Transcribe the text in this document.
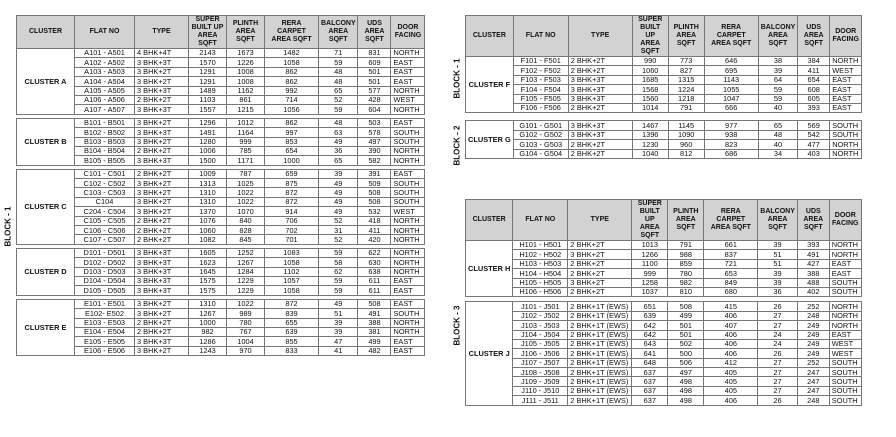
CLUSTER	FLAT NO	TYPE	SUPER BUILT UP AREA SQFT	PLINTH AREA SQFT	RERA CARPET AREA SQFT	BALCONY AREA SQFT	UDS AREA SQFT	DOOR FACING
CLUSTER A	A101 - A501	4 BHK+4T	2143	1673	1482	71	831	NORTH
	A102 - A502	3 BHK+3T	1570	1226	1058	59	609	EAST
	A103 - A503	3 BHK+2T	1291	1008	862	48	501	EAST
	A104 - A504	3 BHK+2T	1291	1008	862	48	501	EAST
	A105 - A505	3 BHK+3T	1489	1162	992	65	577	NORTH
	A106 - A506	2 BHK+2T	1103	861	714	52	428	WEST
	A107 - A507	3 BHK+3T	1557	1215	1056	59	604	NORTH

CLUSTER B	B101 - B501	3 BHK+2T	1296	1012	862	48	503	EAST
	B102 - B502	3 BHK+3T	1491	1164	997	63	578	SOUTH
	B103 - B503	3 BHK+2T	1280	999	853	49	497	SOUTH
	B104 - B504	2 BHK+2T	1006	785	654	36	390	NORTH
	B105 - B505	3 BHK+3T	1500	1171	1000	65	582	NORTH

CLUSTER C	C101 - C501	2 BHK+2T	1009	787	659	39	391	EAST
	C102 - C502	3 BHK+2T	1313	1025	875	49	509	SOUTH
	C103 - C503	3 BHK+2T	1310	1022	872	49	508	SOUTH
	C104	3 BHK+2T	1310	1022	872	49	508	SOUTH
	C204 - C504	3 BHK+2T	1370	1070	914	49	532	WEST
	C105 - C505	2 BHK+2T	1076	840	706	52	418	NORTH
	C106 - C506	2 BHK+2T	1060	828	702	31	411	NORTH
	C107 - C507	2 BHK+2T	1082	845	701	52	420	NORTH

CLUSTER D	D101 - D501	3 BHK+3T	1605	1252	1083	59	622	NORTH
	D102 - D502	3 BHK+3T	1623	1267	1058	58	630	NORTH
	D103 - D503	3 BHK+3T	1645	1284	1102	62	638	NORTH
	D104 - D504	3 BHK+3T	1575	1229	1057	59	611	EAST
	D105 - D505	3 BHK+3T	1575	1229	1058	59	611	EAST

CLUSTER E	E101 - E501	3 BHK+2T	1310	1022	872	49	508	EAST
	E102- E502	3 BHK+2T	1267	989	839	51	491	SOUTH
	E103 - E503	2 BHK+2T	1000	780	655	39	388	NORTH
	E104 - E504	2 BHK+2T	982	767	639	39	381	NORTH
	E105 - E505	3 BHK+3T	1286	1004	855	47	499	EAST
	E106 - E506	3 BHK+2T	1243	970	833	41	482	EAST
BLOCK - 1
CLUSTER	FLAT NO	TYPE	SUPER BUILT UP AREA SQFT	PLINTH AREA SQFT	RERA CARPET AREA SQFT	BALCONY AREA SQFT	UDS AREA SQFT	DOOR FACING
CLUSTER F	F101 - F501	2 BHK+2T	990	773	646	38	384	NORTH
	F102 - F502	2 BHK+2T	1060	827	695	39	411	WEST
	F103 - F503	3 BHK+3T	1685	1315	1143	64	654	EAST
	F104 - F504	3 BHK+3T	1568	1224	1055	59	608	EAST
	F105 - F505	3 BHK+3T	1560	1218	1047	59	605	EAST
	F106 - F506	2 BHK+2T	1014	791	666	40	393	EAST

CLUSTER G	G101 - G501	3 BHK+3T	1467	1145	977	65	569	SOUTH
	G102 - G502	3 BHK+3T	1396	1090	938	48	542	SOUTH
	G103 - G503	2 BHK+2T	1230	960	823	40	477	NORTH
	G104 - G504	2 BHK+2T	1040	812	686	34	403	NORTH
BLOCK - 1
BLOCK - 2
CLUSTER	FLAT NO	TYPE	SUPER BUILT UP AREA SQFT	PLINTH AREA SQFT	RERA CARPET AREA SQFT	BALCONY AREA SQFT	UDS AREA SQFT	DOOR FACING
CLUSTER H	H101 - H501	2 BHK+2T	1013	791	661	39	393	NORTH
	H102 - H502	3 BHK+2T	1266	988	837	51	491	NORTH
	H103 - H503	2 BHK+2T	1100	859	721	51	427	EAST
	H104 - H504	2 BHK+2T	999	780	653	39	388	EAST
	H105 - H505	3 BHK+2T	1258	982	849	39	488	SOUTH
	H106 - H506	2 BHK+2T	1037	810	680	36	402	SOUTH

CLUSTER J	J101 - J501	2 BHK+1T (EWS)	651	508	415	26	252	NORTH
	J102 - J502	2 BHK+1T (EWS)	639	499	406	27	248	NORTH
	J103 - J503	2 BHK+1T (EWS)	642	501	407	27	249	NORTH
	J104 - J504	2 BHK+1T (EWS)	642	501	406	24	249	EAST
	J105 - J505	2 BHK+1T (EWS)	643	502	406	24	249	WEST
	J106 - J506	2 BHK+1T (EWS)	641	500	406	26	249	WEST
	J107 - J507	2 BHK+1T (EWS)	648	506	412	27	252	SOUTH
	J108 - J508	2 BHK+1T (EWS)	637	497	405	27	247	SOUTH
	J109 - J509	2 BHK+1T (EWS)	637	498	405	27	247	SOUTH
	J110 - J510	2 BHK+1T (EWS)	637	498	405	27	247	SOUTH
	J111 - J511	2 BHK+1T (EWS)	637	498	406	26	248	SOUTH
BLOCK - 3
